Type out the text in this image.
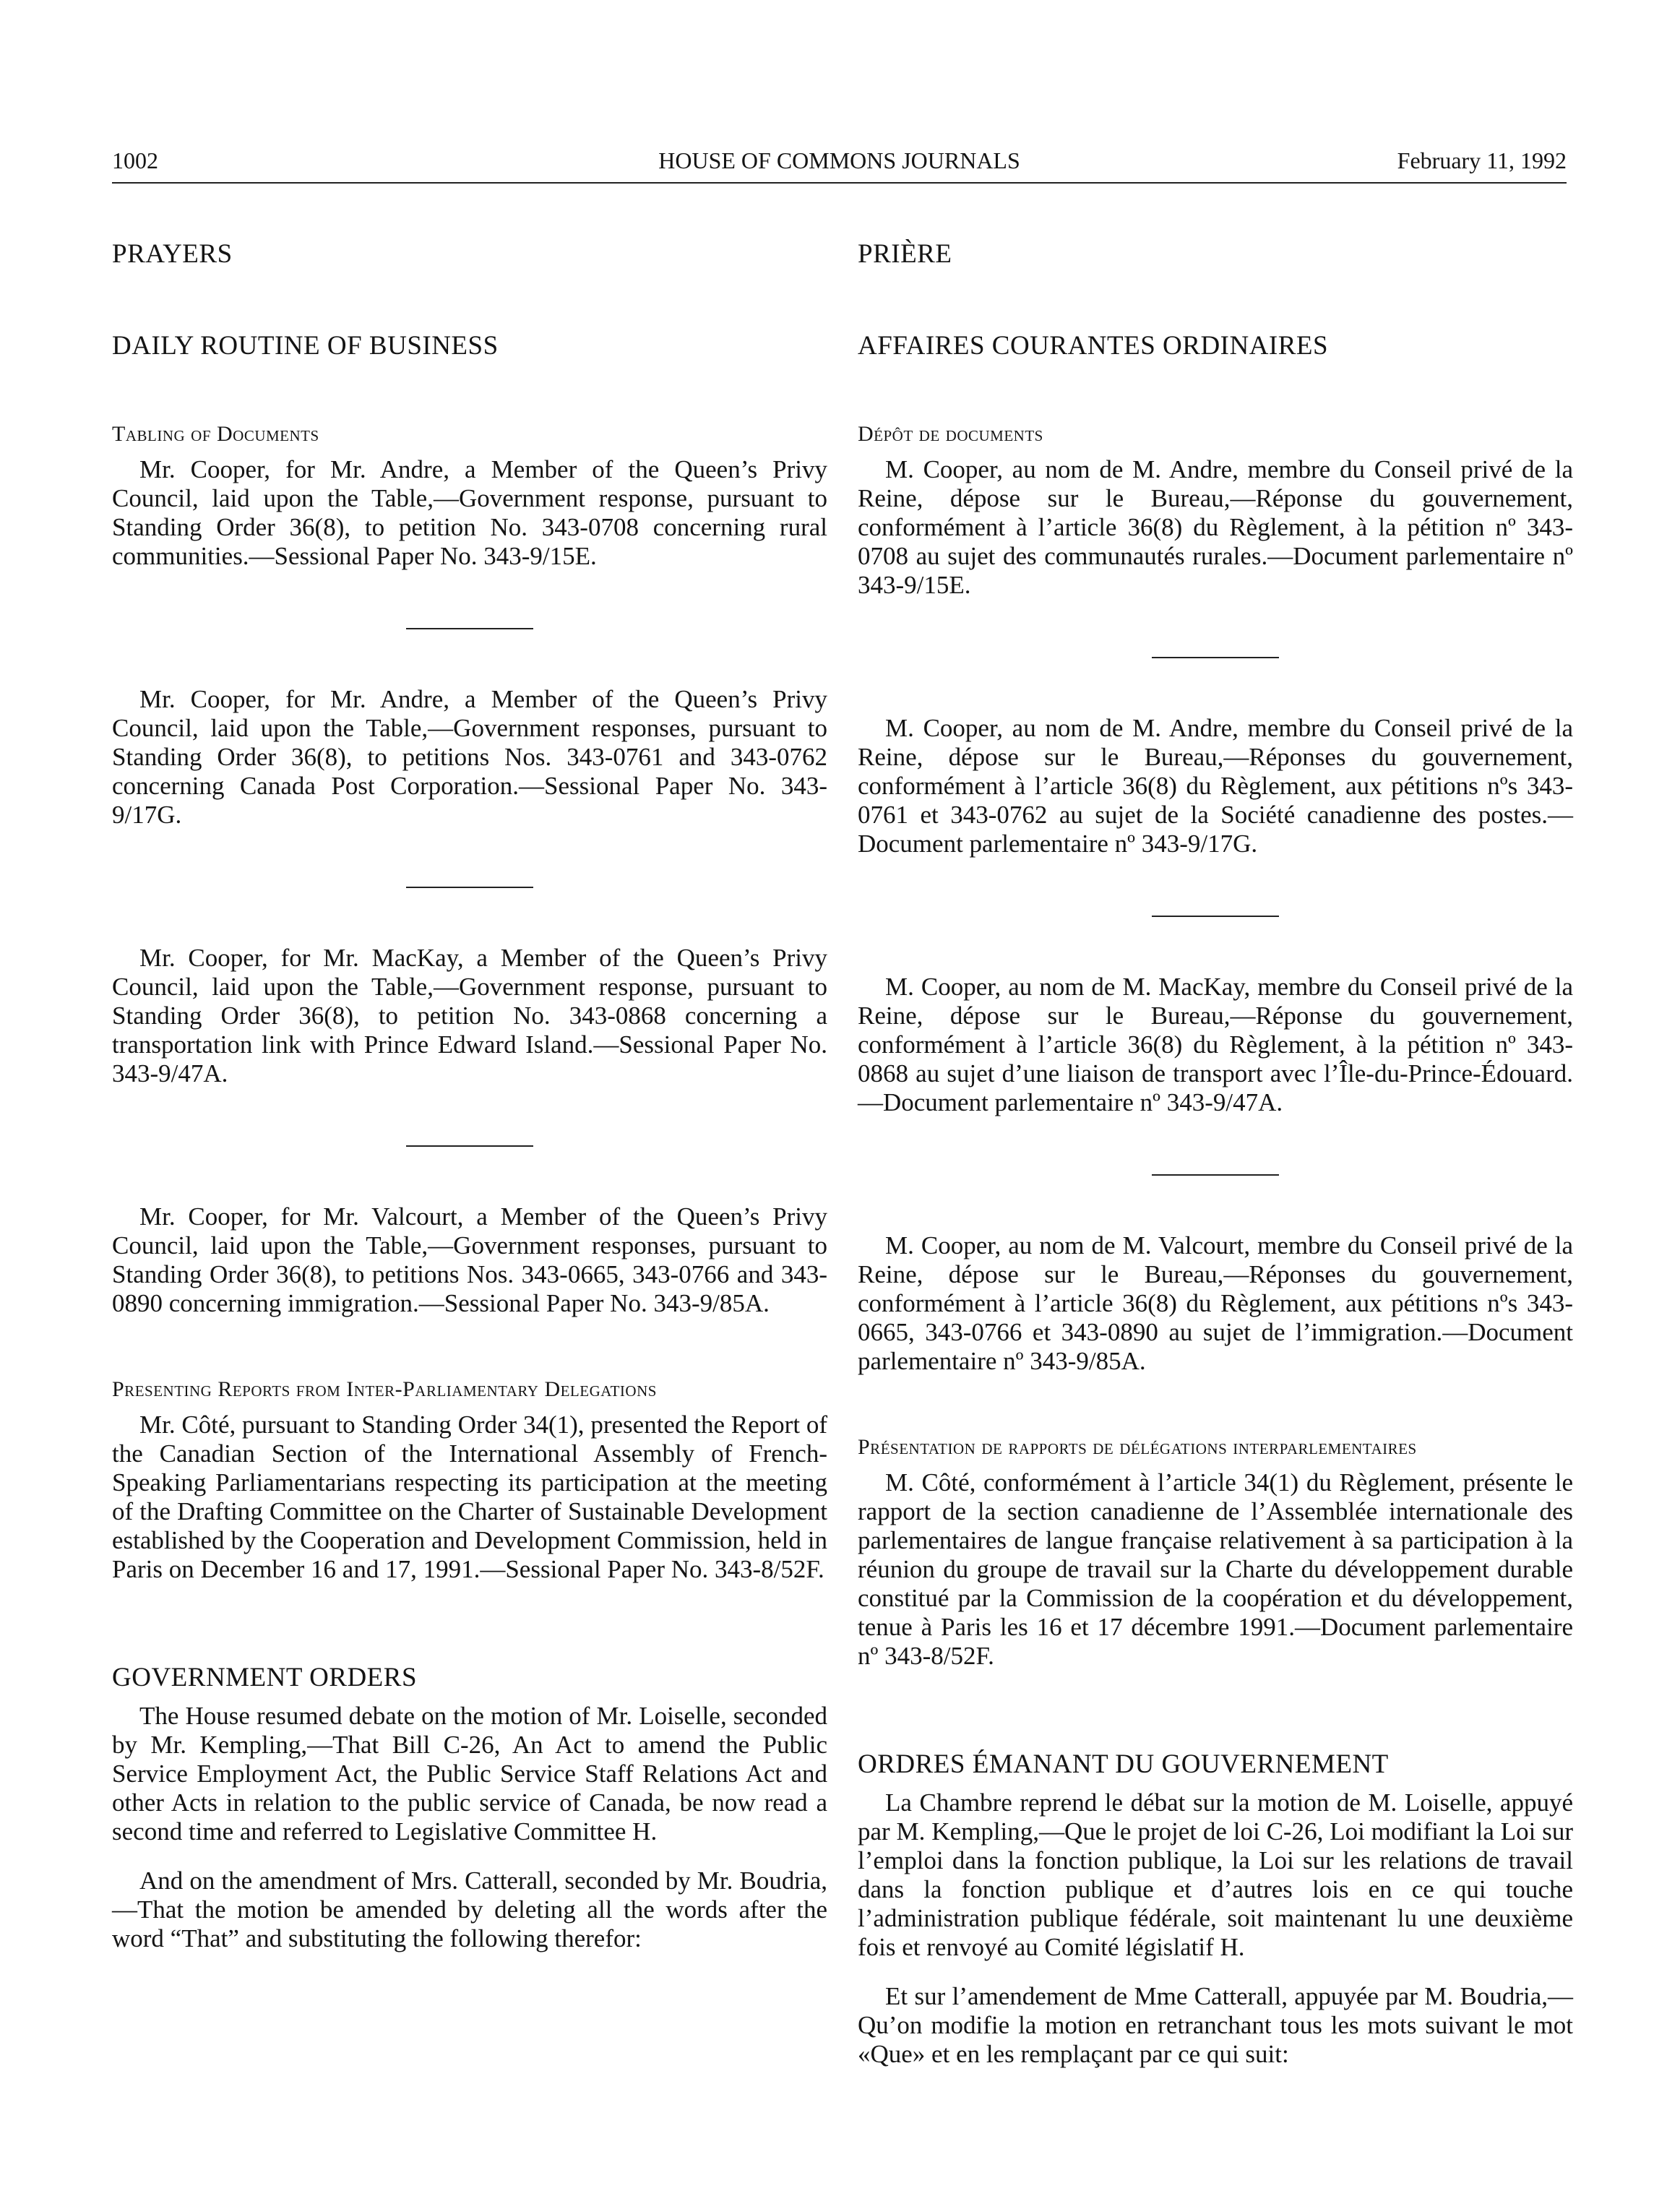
1002	HOUSE OF COMMONS JOURNALS	February 11, 1992
PRAYERS
DAILY ROUTINE OF BUSINESS
Tabling of Documents

Mr. Cooper, for Mr. Andre, a Member of the Queen’s Privy Council, laid upon the Table,—Government response, pursuant to Standing Order 36(8), to petition No. 343-0708 concerning rural communities.—Sessional Paper No. 343-9/15E.

Mr. Cooper, for Mr. Andre, a Member of the Queen’s Privy Council, laid upon the Table,—Government responses, pursuant to Standing Order 36(8), to petitions Nos. 343-0761 and 343-0762 concerning Canada Post Corporation.—Sessional Paper No. 343-9/17G.

Mr. Cooper, for Mr. MacKay, a Member of the Queen’s Privy Council, laid upon the Table,—Government response, pursuant to Standing Order 36(8), to petition No. 343-0868 concerning a transportation link with Prince Edward Island.—Sessional Paper No. 343-9/47A.

Mr. Cooper, for Mr. Valcourt, a Member of the Queen’s Privy Council, laid upon the Table,—Government responses, pursuant to Standing Order 36(8), to petitions Nos. 343-0665, 343-0766 and 343-0890 concerning immigration.—Sessional Paper No. 343-9/85A.

Presenting Reports from Inter-Parliamentary Delegations

Mr. Côté, pursuant to Standing Order 34(1), presented the Report of the Canadian Section of the International Assembly of French-Speaking Parliamentarians respecting its participation at the meeting of the Drafting Committee on the Charter of Sustainable Development established by the Cooperation and Development Commission, held in Paris on December 16 and 17, 1991.—Sessional Paper No. 343-8/52F.

GOVERNMENT ORDERS

The House resumed debate on the motion of Mr. Loiselle, seconded by Mr. Kempling,—That Bill C-26, An Act to amend the Public Service Employment Act, the Public Service Staff Relations Act and other Acts in relation to the public service of Canada, be now read a second time and referred to Legislative Committee H.

And on the amendment of Mrs. Catterall, seconded by Mr. Boudria,—That the motion be amended by deleting all the words after the word “That” and substituting the following therefor:

PRIÈRE
AFFAIRES COURANTES ORDINAIRES
Dépôt de documents

M. Cooper, au nom de M. Andre, membre du Conseil privé de la Reine, dépose sur le Bureau,—Réponse du gouvernement, conformément à l’article 36(8) du Règlement, à la pétition nº 343-0708 au sujet des communautés rurales.—Document parlementaire nº 343-9/15E.

M. Cooper, au nom de M. Andre, membre du Conseil privé de la Reine, dépose sur le Bureau,—Réponses du gouvernement, conformément à l’article 36(8) du Règlement, aux pétitions nºs 343-0761 et 343-0762 au sujet de la Société canadienne des postes.—Document parlementaire nº 343-9/17G.

M. Cooper, au nom de M. MacKay, membre du Conseil privé de la Reine, dépose sur le Bureau,—Réponse du gouvernement, conformément à l’article 36(8) du Règlement, à la pétition nº 343-0868 au sujet d’une liaison de transport avec l’Île-du-Prince-Édouard.—Document parlementaire nº 343-9/47A.

M. Cooper, au nom de M. Valcourt, membre du Conseil privé de la Reine, dépose sur le Bureau,—Réponses du gouvernement, conformément à l’article 36(8) du Règlement, aux pétitions nºs 343-0665, 343-0766 et 343-0890 au sujet de l’immigration.—Document parlementaire nº 343-9/85A.

Présentation de rapports de délégations interparlementaires

M. Côté, conformément à l’article 34(1) du Règlement, présente le rapport de la section canadienne de l’Assemblée internationale des parlementaires de langue française relativement à sa participation à la réunion du groupe de travail sur la Charte du développement durable constitué par la Commission de la coopération et du développement, tenue à Paris les 16 et 17 décembre 1991.—Document parlementaire nº 343-8/52F.

ORDRES ÉMANANT DU GOUVERNEMENT

La Chambre reprend le débat sur la motion de M. Loiselle, appuyé par M. Kempling,—Que le projet de loi C-26, Loi modifiant la Loi sur l’emploi dans la fonction publique, la Loi sur les relations de travail dans la fonction publique et d’autres lois en ce qui touche l’administration publique fédérale, soit maintenant lu une deuxième fois et renvoyé au Comité législatif H.

Et sur l’amendement de Mme Catterall, appuyée par M. Boudria,—Qu’on modifie la motion en retranchant tous les mots suivant le mot «Que» et en les remplaçant par ce qui suit:
